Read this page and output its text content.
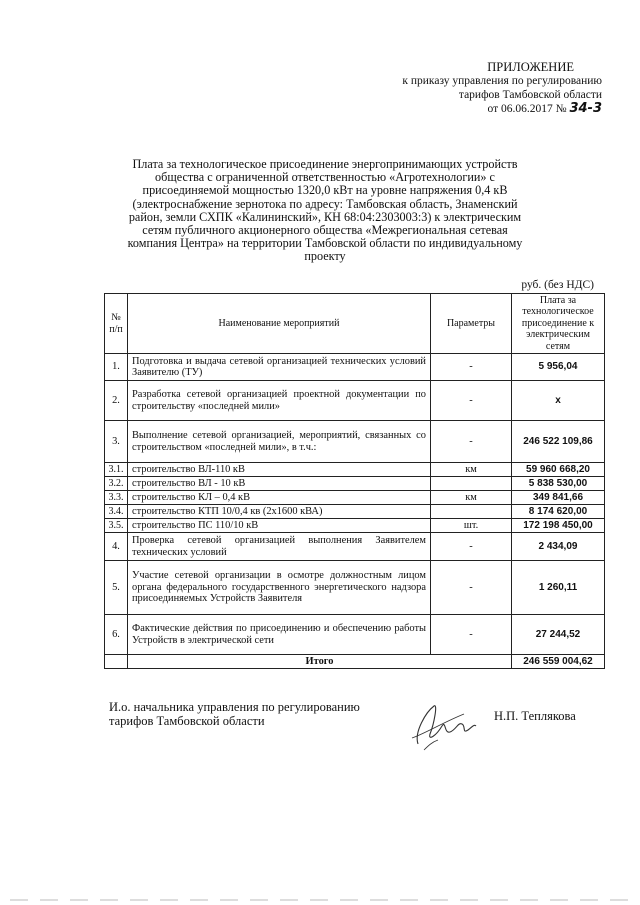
ПРИЛОЖЕНИЕ
к приказу управления по регулированию
тарифов Тамбовской области
от 06.06.2017 № 34-3
Плата за технологическое присоединение энергопринимающих устройств
общества с ограниченной ответственностью «Агротехнологии» с
присоединяемой мощностью 1320,0 кВт на уровне напряжения 0,4 кВ
(электроснабжение зернотока по адресу: Тамбовская область, Знаменский
район, земли СХПК «Калининский», КН 68:04:2303003:3) к электрическим
сетям публичного акционерного общества «Межрегиональная сетевая
компания Центра» на территории Тамбовской области по индивидуальному
проекту
руб. (без НДС)
№ п/п	Наименование мероприятий	Параметры	Плата за технологическое присоединение к электрическим сетям
1.	Подготовка и выдача сетевой организацией технических условий Заявителю (ТУ)	-	5 956,04
2.	Разработка сетевой организацией проектной документации по строительству «последней мили»	-	x
3.	Выполнение сетевой организацией, мероприятий, связанных со строительством «последней мили», в т.ч.:	-	246 522 109,86
3.1.	строительство ВЛ-110 кВ	км	59 960 668,20
3.2.	строительство ВЛ - 10 кВ		5 838 530,00
3.3.	строительство КЛ – 0,4 кВ	км	349 841,66
3.4.	строительство КТП 10/0,4 кв (2х1600 кВА)		8 174 620,00
3.5.	строительство ПС 110/10 кВ	шт.	172 198 450,00
4.	Проверка сетевой организацией выполнения Заявителем технических условий	-	2 434,09
5.	Участие сетевой организации в осмотре должностным лицом органа федерального государственного энергетического надзора присоединяемых Устройств Заявителя	-	1 260,11
6.	Фактические действия по присоединению и обеспечению работы Устройств в электрической сети	-	27 244,52
	Итого		246 559 004,62
И.о. начальника управления по регулированию
тарифов Тамбовской области	Н.П. Теплякова
